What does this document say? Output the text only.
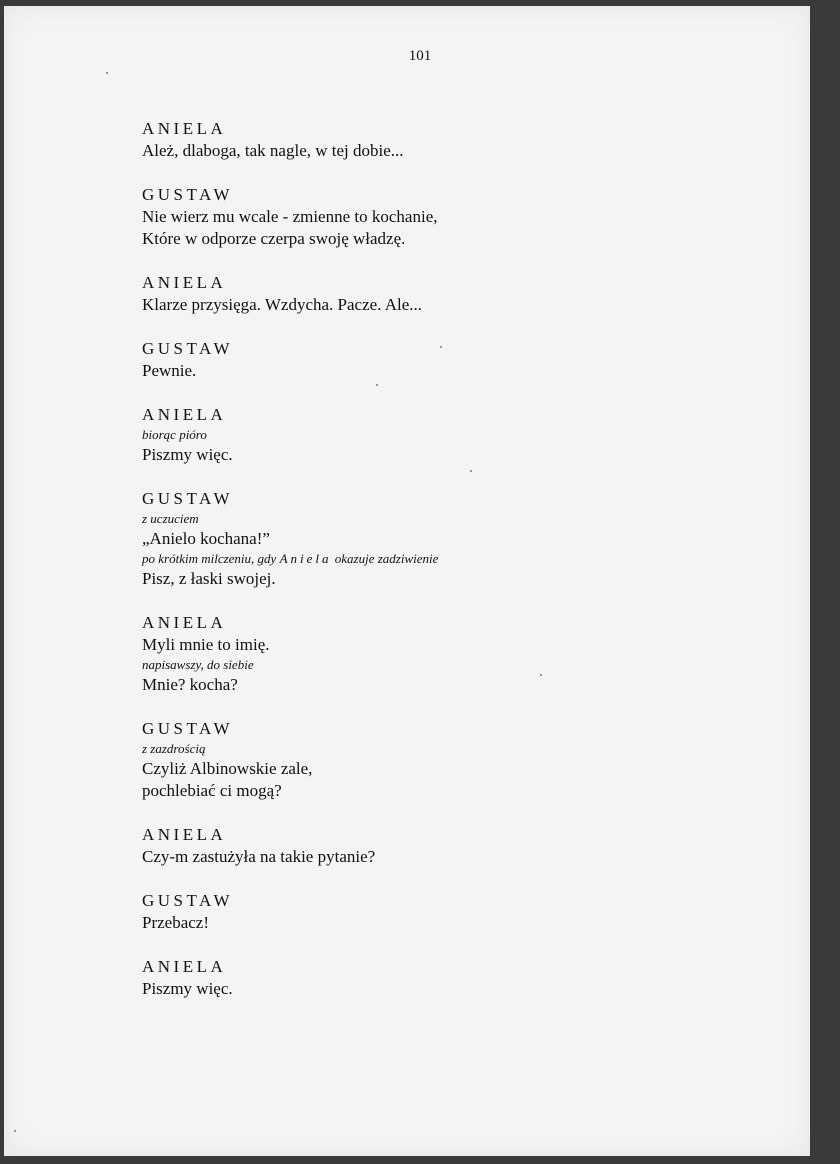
101
ANIELA
Ależ, dlaboga, tak nagle, w tej dobie...
GUSTAW
Nie wierz mu wcale - zmienne to kochanie,
Które w odporze czerpa swoję władzę.
ANIELA
Klarze przysięga. Wzdycha. Pacze. Ale...
GUSTAW
Pewnie.
ANIELA
biorąc pióro
Piszmy więc.
GUSTAW
z uczuciem
„Anielo kochana!”
po krótkim milczeniu, gdy Aniela okazuje zadziwienie
Pisz, z łaski swojej.
ANIELA
Myli mnie to imię.
napisawszy, do siebie
Mnie? kocha?
GUSTAW
z zazdrością
Czyliż Albinowskie zale,
pochlebiać ci mogą?
ANIELA
Czy-m zastużyła na takie pytanie?
GUSTAW
Przebacz!
ANIELA
Piszmy więc.
